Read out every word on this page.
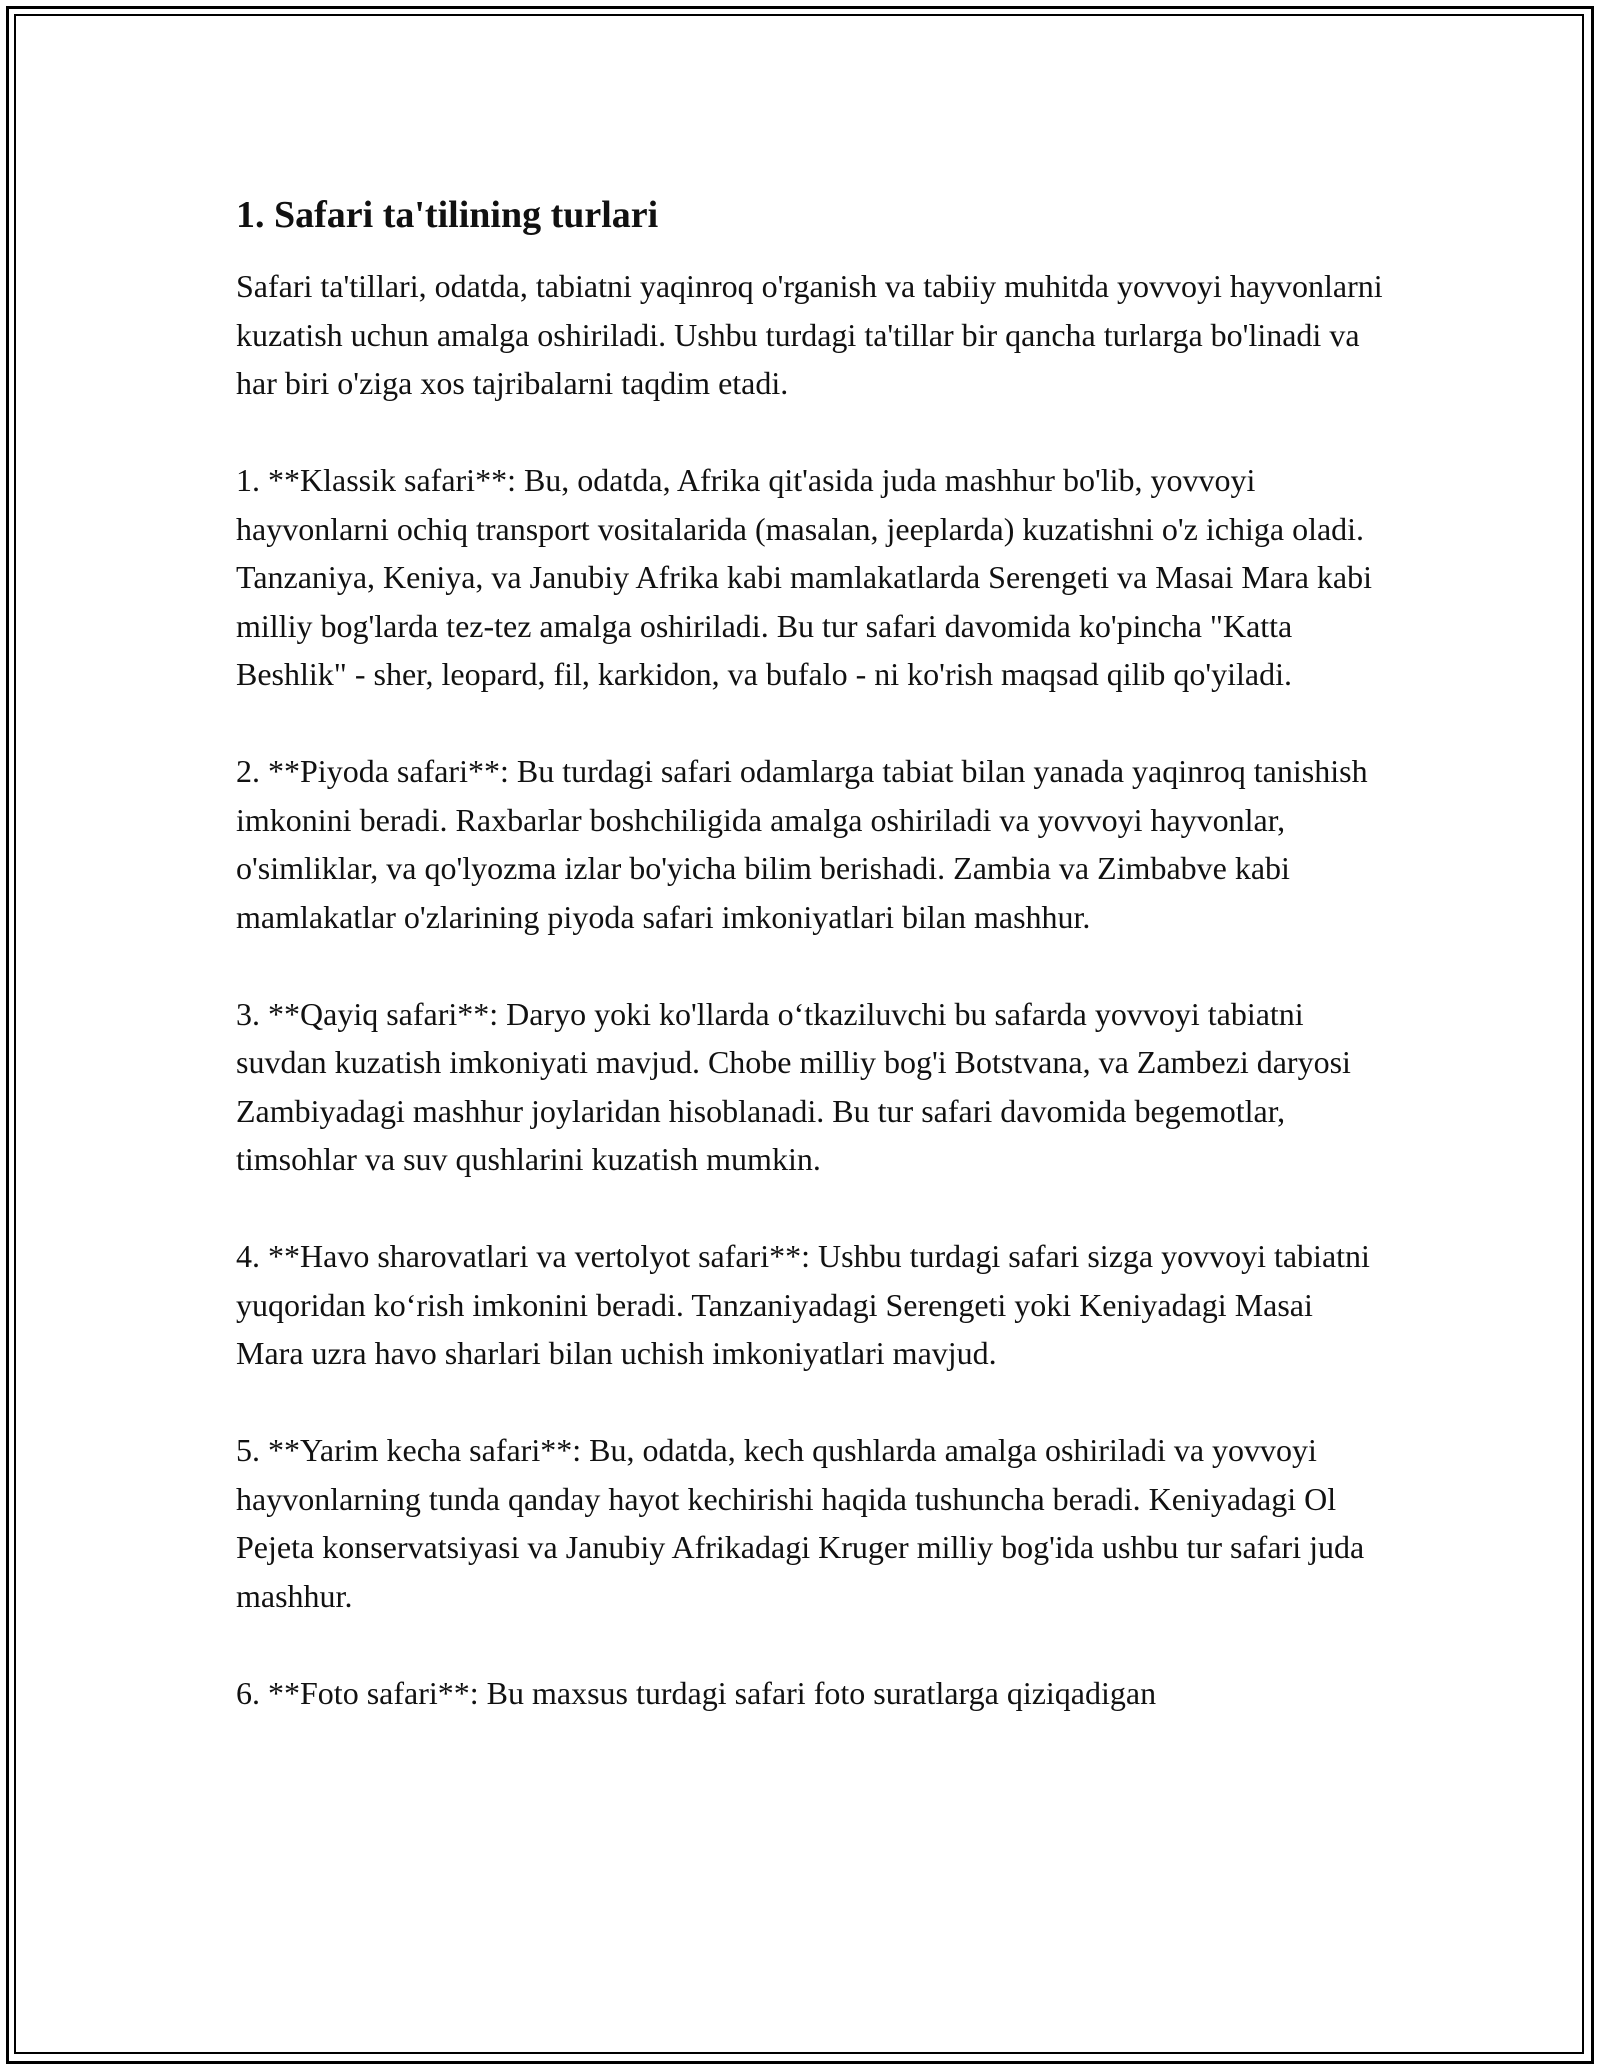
1. Safari ta'tilining turlari

Safari ta'tillari, odatda, tabiatni yaqinroq o'rganish va tabiiy muhitda yovvoyi hayvonlarni kuzatish uchun amalga oshiriladi. Ushbu turdagi ta'tillar bir qancha turlarga bo'linadi va har biri o'ziga xos tajribalarni taqdim etadi.

1. **Klassik safari**: Bu, odatda, Afrika qit'asida juda mashhur bo'lib, yovvoyi hayvonlarni ochiq transport vositalarida (masalan, jeeplarda) kuzatishni o'z ichiga oladi. Tanzaniya, Keniya, va Janubiy Afrika kabi mamlakatlarda Serengeti va Masai Mara kabi milliy bog'larda tez-tez amalga oshiriladi. Bu tur safari davomida ko'pincha "Katta Beshlik" - sher, leopard, fil, karkidon, va bufalo - ni ko'rish maqsad qilib qo'yiladi.

2. **Piyoda safari**: Bu turdagi safari odamlarga tabiat bilan yanada yaqinroq tanishish imkonini beradi. Raxbarlar boshchiligida amalga oshiriladi va yovvoyi hayvonlar, o'simliklar, va qo'lyozma izlar bo'yicha bilim berishadi. Zambia va Zimbabve kabi mamlakatlar o'zlarining piyoda safari imkoniyatlari bilan mashhur.

3. **Qayiq safari**: Daryo yoki ko'llarda o‘tkaziluvchi bu safarda yovvoyi tabiatni suvdan kuzatish imkoniyati mavjud. Chobe milliy bog'i Botstvana, va Zambezi daryosi Zambiyadagi mashhur joylaridan hisoblanadi. Bu tur safari davomida begemotlar, timsohlar va suv qushlarini kuzatish mumkin.

4. **Havo sharovatlari va vertolyot safari**: Ushbu turdagi safari sizga yovvoyi tabiatni yuqoridan ko‘rish imkonini beradi. Tanzaniyadagi Serengeti yoki Keniyadagi Masai Mara uzra havo sharlari bilan uchish imkoniyatlari mavjud.

5. **Yarim kecha safari**: Bu, odatda, kech qushlarda amalga oshiriladi va yovvoyi hayvonlarning tunda qanday hayot kechirishi haqida tushuncha beradi. Keniyadagi Ol Pejeta konservatsiyasi va Janubiy Afrikadagi Kruger milliy bog'ida ushbu tur safari juda mashhur.

6. **Foto safari**: Bu maxsus turdagi safari foto suratlarga qiziqadigan
